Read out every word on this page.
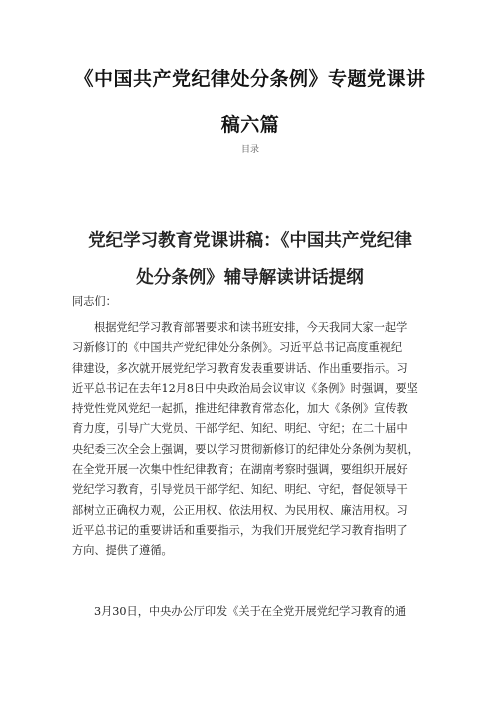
《中国共产党纪律处分条例》专题党课讲
稿六篇
目录
党纪学习教育党课讲稿：《中国共产党纪律
处分条例》辅导解读讲话提纲
同志们：
根据党纪学习教育部署要求和读书班安排，今天我同大家一起学
习新修订的《中国共产党纪律处分条例》。习近平总书记高度重视纪
律建设，多次就开展党纪学习教育发表重要讲话、作出重要指示。习
近平总书记在去年12月8日中央政治局会议审议《条例》时强调，要坚
持党性党风党纪一起抓，推进纪律教育常态化，加大《条例》宣传教
育力度，引导广大党员、干部学纪、知纪、明纪、守纪；在二十届中
央纪委三次全会上强调，要以学习贯彻新修订的纪律处分条例为契机，
在全党开展一次集中性纪律教育；在湖南考察时强调，要组织开展好
党纪学习教育，引导党员干部学纪、知纪、明纪、守纪，督促领导干
部树立正确权力观，公正用权、依法用权、为民用权、廉洁用权。习
近平总书记的重要讲话和重要指示，为我们开展党纪学习教育指明了
方向、提供了遵循。
3月30日，中央办公厅印发《关于在全党开展党纪学习教育的通
